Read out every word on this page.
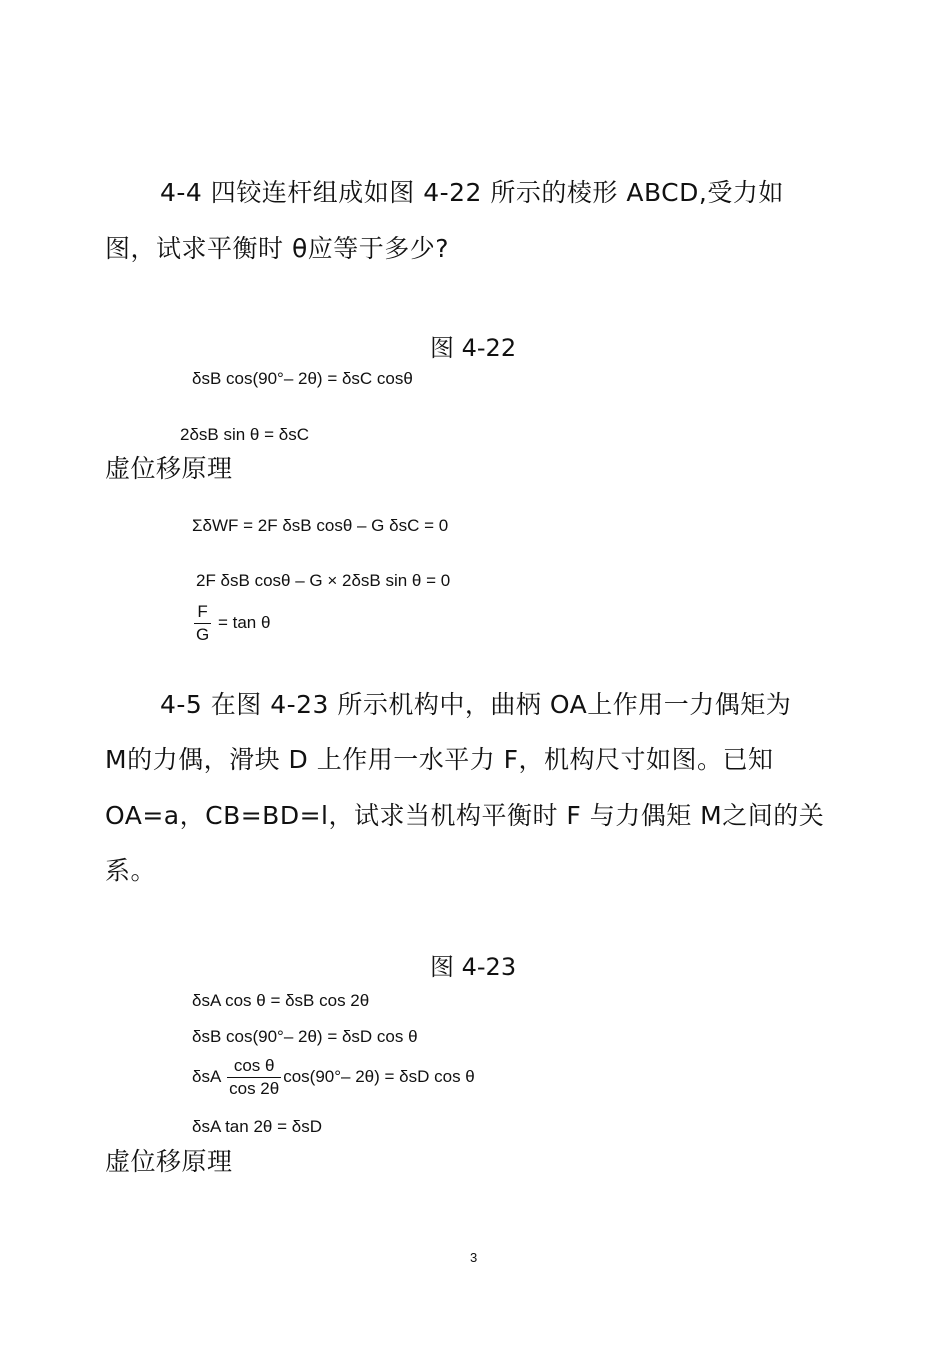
4-4 四铰连杆组成如图 4-22 所示的棱形 ABCD,受力如
图，试求平衡时 θ应等于多少?
图 4-22
δsB cos(90°– 2θ) = δsC cosθ
2δsB sin θ = δsC
虚位移原理
ΣδWF = 2F δsB cosθ – G δsC = 0
2F δsB cosθ – G × 2δsB sin θ = 0
$\frac{F}{G} = \tan \theta$
4-5 在图 4-23 所示机构中，曲柄 OA上作用一力偶矩为
M的力偶，滑块 D 上作用一水平力 F，机构尺寸如图。已知
OA=a，CB=BD=l，试求当机构平衡时 F 与力偶矩 M之间的关
系。
图 4-23
δsA cos θ = δsB cos 2θ
δsB cos(90°– 2θ) = δsD cos θ
δsA $\frac{\text{cos θ}}{\cos 2\theta} \cos(90^\circ-$ 2θ) = δsD cos θ
δsA tan 2θ = δsD
虚位移原理
3
